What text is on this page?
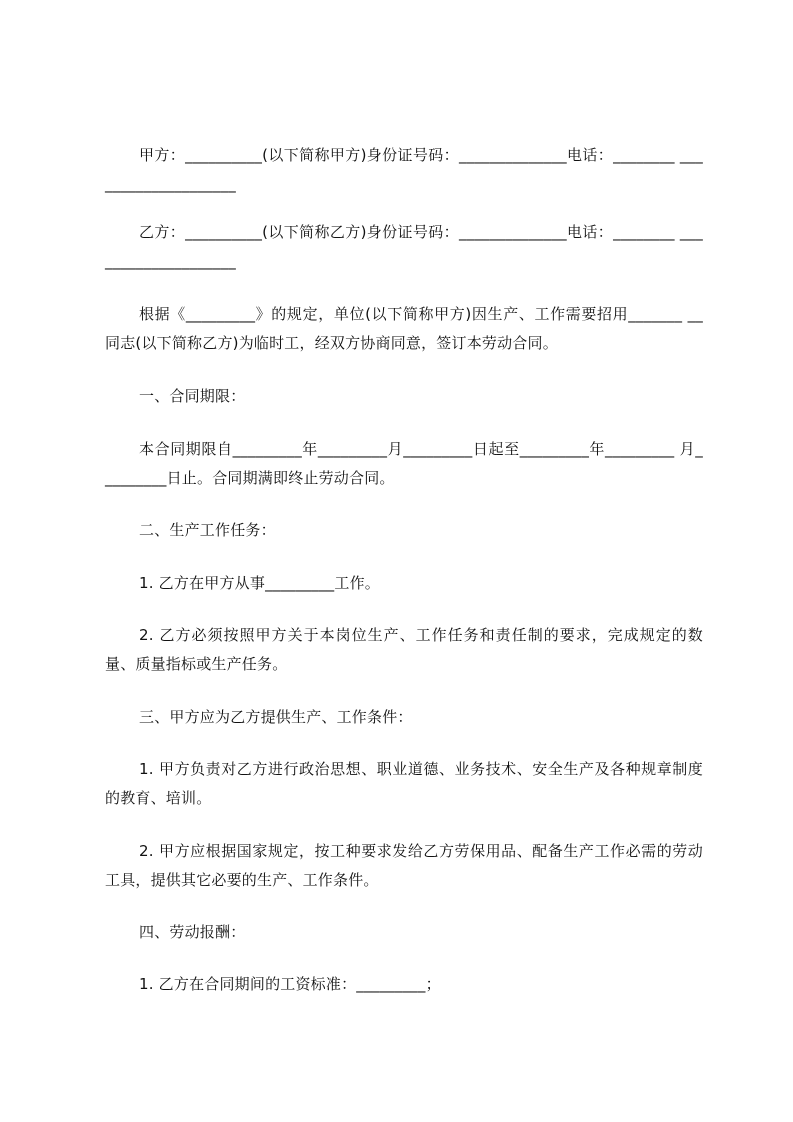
甲方：__________(以下简称甲方)身份证号码：______________电话：________ ____________________

乙方：__________(以下简称乙方)身份证号码：______________电话：________ ____________________

根据《_________》的规定，单位(以下简称甲方)因生产、工作需要招用_______ __同志(以下简称乙方)为临时工，经双方协商同意，签订本劳动合同。

一、合同期限：

本合同期限自_________年_________月_________日起至_________年_________ 月_________日止。合同期满即终止劳动合同。

二、生产工作任务：

1. 乙方在甲方从事_________工作。

2. 乙方必须按照甲方关于本岗位生产、工作任务和责任制的要求，完成规定的数量、质量指标或生产任务。

三、甲方应为乙方提供生产、工作条件：

1. 甲方负责对乙方进行政治思想、职业道德、业务技术、安全生产及各种规章制度的教育、培训。

2. 甲方应根据国家规定，按工种要求发给乙方劳保用品、配备生产工作必需的劳动工具，提供其它必要的生产、工作条件。

四、劳动报酬：

1. 乙方在合同期间的工资标准：_________；
